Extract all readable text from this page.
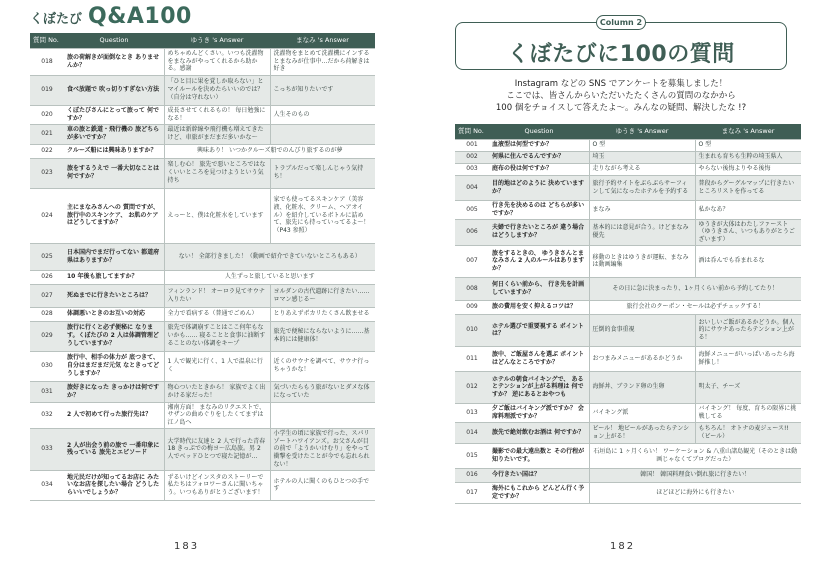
くぼたび Q&A100
質問 No.	Question	ゆうき 's Answer	まなみ 's Answer
018	旅の荷解きが面倒なとき ありませんか？	めちゃめんどくさい。いつも洗濯物をまなみがやってくれるから助かる。感謝	洗濯物をまとめて洗濯機にインするとまなみが仕事中…だから荷解きは好き
019	食べ放題で 吹っ切りすぎない方法	「ひと目に果を覚しか取らない」とマイルールを決めたらいいのでは？（自分は守れない）	こっちが知りたいです
020	くぼたびさんにとって旅って 何ですか？	成長させてくれるもの！ 毎日勉強になる！	人生そのもの
021	車の旅と鉄道・飛行機の 旅どちらが多いですか？	最近は新幹線や飛行機も増えてきたけど、車旅がまだまだ多いかな〜	
022	クルーズ船には興味ありますか？	興味あり！ いつかクルーズ船でのんびり旅するのが夢	
023	旅をするうえで 一番大切なことは何ですか？	楽しむ心！ 旅先で悪いところではなくいいところを見つけようという気持ち	トラブルだって楽しんじゃう気持ち！
024	主にまなみさんへの 質問ですが、 旅行中のスキンケア、 お肌のケアはどうしてますか？	えっーと、僕は化粧水をしています	家でも使ってるスキンケア（美容液、化粧水、クリーム、ヘアオイル）を紹介しているボトルに詰めて、旅先にも持っていってるよ〜！（P43 参照）
025	日本国内でまだ行ってない 都道府県はありますか？	ない！ 全部行きました！（動画で紹介できていないところもある）	
026	10 年後も旅してますか？	人生ずっと旅していると思います	
027	死ぬまでに行きたいところは？	フィンランド！ オーロラ見てサウナ入りたい	ヨルダンの古代遺跡に行きたい……ロマン感じる〜
028	体調悪いときのお互いの対応	全力で看病する（普通でごめん）	とりあえずポカリたくさん飲ませる
029	旅行に行くと必ず便秘に なります。くぼたびの 2 人は体調管理どうしていますか？	旅先で体調崩すことはここ何年もないかも…… 寝ることと食事に油断することのない体調をキープ	旅先で便秘にならないように……基本的には健康体！
030	旅行中、相手の体力が 底つきて、自分はまだまだ元気 なときってどうしますか？	1 人で観光に行く、1 人で温泉に行く	近くのサウナを調べて、サウナ行っちゃうかな！
031	旅好きになった きっかけは何ですか？	物心ついたときから！ 家族でよく出かける家だった！	気づいたらもう旅がないとダメな体になっていた
032	2 人で初めて行った旅行先は？	湘南方面！ まなみのリクエストで、サザンの曲めぐりをしたくてまずは江ノ島へ	
033	2 人が出会う前の旅で 一番印象に残っている 旅先とエピソード	大学時代に友達と 2 人で行った青春 18 きっぷでの梅ヨ〜広島旅。男 2 人でベッドひとつで寝た記憶が…	小学生の頃に家族で行った、スパリゾートハワイアンズ。お父さんが目の前で「ようかいけむり」をやって衝撃を受けたことが今でも忘れられない！
034	地元民だけが知ってるお店に みたいなお店を探したい場合 どうしたらいいでしょうか？	ずるいけどインスタのストーリーで私たちはフォロワーさんに聞いちゃう。いつもありがとうございます！	ホテルの人に聞くのもひとつの手です
183
Column 2
くぼたびに100の質問
Instagram などの SNS でアンケートを募集しました！
ここでは、皆さんからいただいたたくさんの質問のなかから
100 個をチョイスして答えたよ〜。みんなの疑問、解決したな !?
質問 No.	Question	ゆうき 's Answer	まなみ 's Answer
001	血液型は何型ですか？	O 型	O 型
002	何県に住んでるんですか？	埼玉	生まれも育ちも生粋の埼玉県人
003	庭布の役は何ですか？	走りながら考える	やらない後悔よりやる後悔
004	目的地はどのように 決めていますか？	旅行予約サイトをぶらぶらサーフィンして気になったホテルを予約する	普段からグーグルマップに行きたいところリストを作ってる
005	行き先を決めるのは どちらが多いですか？	まなみ	私かなあ？
006	夫婦で行きたいところが 違う場合はどうしますか？	基本的には意見が合う。けどまなみ優先	ゆうきが大体はわたしファースト（ゆうきさん、いつもありがとうございます）
007	旅をするときの、 ゆうきさんとまなみさん 2 人のルールはありますか？	移動のときはゆうきが運転、まなみは動画編集	酒は呑んでも呑まれるな
008	何日くらい前から、 行き先を計画していますか？	その日に急に決まったり、1ヶ月くらい前から予約してたり！	
009	旅の費用を安く抑えるコツは？	旅行会社のクーポン・セールは必ずチェックする！	
010	ホテル選びで重要視する ポイントは？	圧倒的食事重視	おいしいご飯があるかどうか。個人的にサウナあったらテンション上がる！
011	旅中、ご飯屋さんを選ぶ ポイントはどんなところですか？	おつまみメニューがあるかどうか	海鮮メニューがいっぱいあったら海鮮推し！
012	ホテルの朝食バイキングで、 あるとテンションが上がる料理は 何ですか？ 逆にあるとおやつも	海鮮丼、ブランド卵の生卵	明太子、チーズ
013	夕ご飯はバイキング派ですか？ 会席料理派ですか？	バイキング派	バイキング！ 毎度、育ちの限界に挑戦してる
014	旅先で絶対飲むお酒は 何ですか？	ビール！ 地ビールがあったらテンション上がる！	もちろん！ オトナの麦ジュース!!（ビール）
015	撮影での最大遠出数と その行程が知りたいです。	石垣島に 1 ヶ月くらい！ ワーケーション & 八重山諸島観光（そのときは動画じゃなくてブログだった）	
016	今行きたい国は？	韓国！ 韓国料理食い倒れ旅に行きたい！	
017	海外にもこれから どんどん行く予定ですか？	ほどほどに海外にも行きたい	
182
